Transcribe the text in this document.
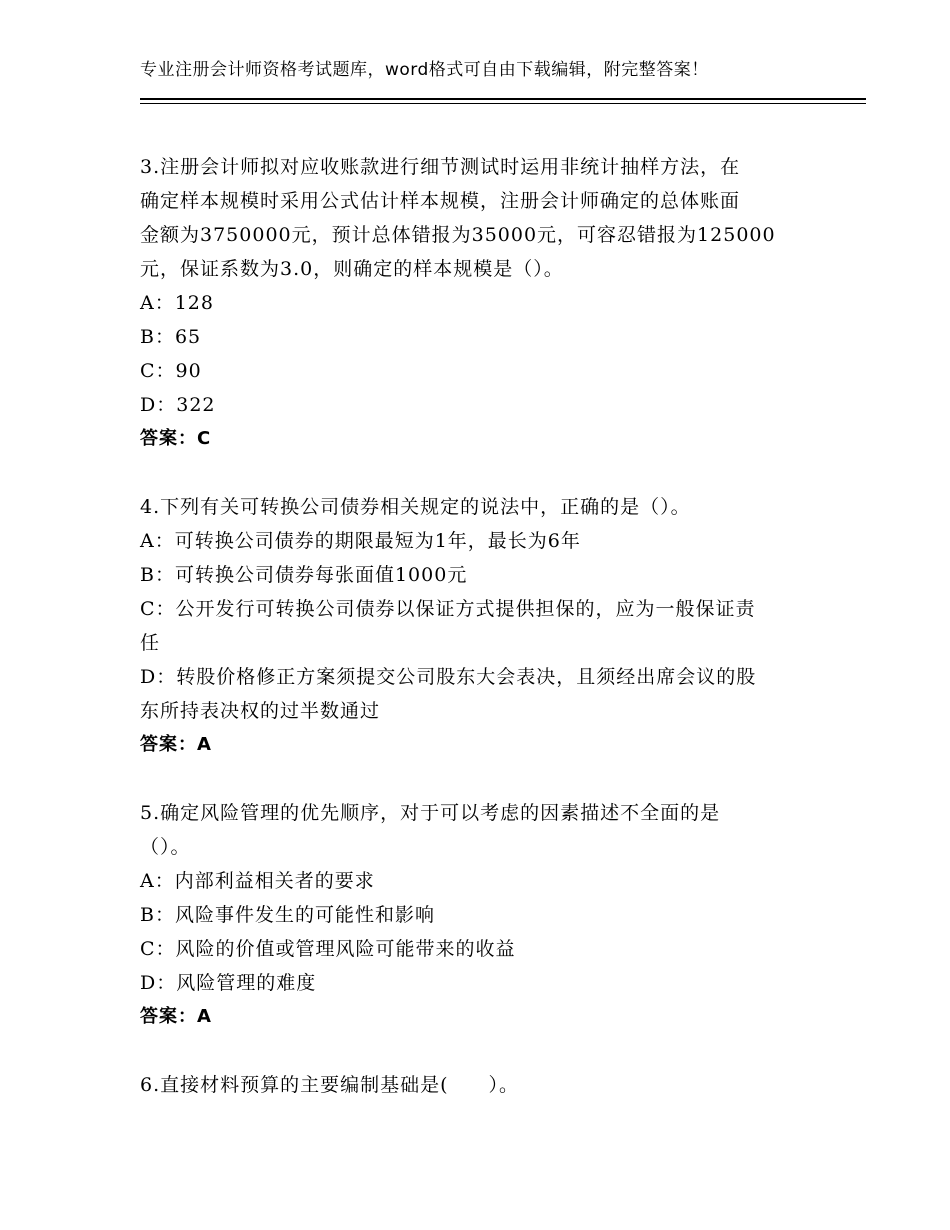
专业注册会计师资格考试题库，word格式可自由下载编辑，附完整答案！
3.注册会计师拟对应收账款进行细节测试时运用非统计抽样方法，在
确定样本规模时采用公式估计样本规模，注册会计师确定的总体账面
金额为3750000元，预计总体错报为35000元，可容忍错报为125000
元，保证系数为3.0，则确定的样本规模是（）。
A：128
B：65
C：90
D：322
答案：C
4.下列有关可转换公司债券相关规定的说法中，正确的是（）。
A：可转换公司债券的期限最短为1年，最长为6年
B：可转换公司债券每张面值1000元
C：公开发行可转换公司债券以保证方式提供担保的，应为一般保证责
任
D：转股价格修正方案须提交公司股东大会表决，且须经出席会议的股
东所持表决权的过半数通过
答案：A
5.确定风险管理的优先顺序，对于可以考虑的因素描述不全面的是
（）。
A：内部利益相关者的要求
B：风险事件发生的可能性和影响
C：风险的价值或管理风险可能带来的收益
D：风险管理的难度
答案：A
6.直接材料预算的主要编制基础是(　　）。
